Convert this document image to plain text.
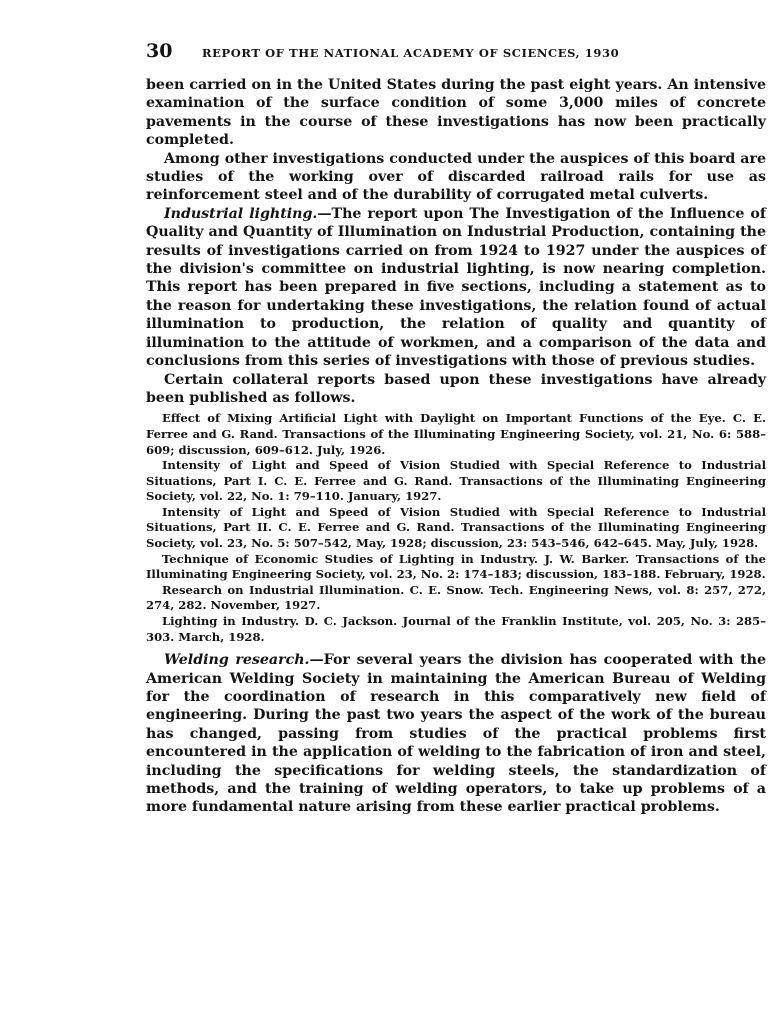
30	REPORT OF THE NATIONAL ACADEMY OF SCIENCES, 1930

been carried on in the United States during the past eight years. An intensive examination of the surface condition of some 3,000 miles of concrete pavements in the course of these investigations has now been practically completed.

Among other investigations conducted under the auspices of this board are studies of the working over of discarded railroad rails for use as reinforcement steel and of the durability of corrugated metal culverts.

Industrial lighting.—The report upon The Investigation of the Influence of Quality and Quantity of Illumination on Industrial Production, containing the results of investigations carried on from 1924 to 1927 under the auspices of the division's committee on industrial lighting, is now nearing completion. This report has been prepared in five sections, including a statement as to the reason for undertaking these investigations, the relation found of actual illumination to production, the relation of quality and quantity of illumination to the attitude of workmen, and a comparison of the data and conclusions from this series of investigations with those of previous studies.

Certain collateral reports based upon these investigations have already been published as follows.

Effect of Mixing Artificial Light with Daylight on Important Functions of the Eye. C. E. Ferree and G. Rand. Transactions of the Illuminating Engineering Society, vol. 21, No. 6: 588–609; discussion, 609–612. July, 1926.

Intensity of Light and Speed of Vision Studied with Special Reference to Industrial Situations, Part I. C. E. Ferree and G. Rand. Transactions of the Illuminating Engineering Society, vol. 22, No. 1: 79–110. January, 1927.

Intensity of Light and Speed of Vision Studied with Special Reference to Industrial Situations, Part II. C. E. Ferree and G. Rand. Transactions of the Illuminating Engineering Society, vol. 23, No. 5: 507–542, May, 1928; discussion, 23: 543–546, 642–645. May, July, 1928.

Technique of Economic Studies of Lighting in Industry. J. W. Barker. Transactions of the Illuminating Engineering Society, vol. 23, No. 2: 174–183; discussion, 183–188. February, 1928.

Research on Industrial Illumination. C. E. Snow. Tech. Engineering News, vol. 8: 257, 272, 274, 282. November, 1927.

Lighting in Industry. D. C. Jackson. Journal of the Franklin Institute, vol. 205, No. 3: 285–303. March, 1928.

Welding research.—For several years the division has cooperated with the American Welding Society in maintaining the American Bureau of Welding for the coordination of research in this comparatively new field of engineering. During the past two years the aspect of the work of the bureau has changed, passing from studies of the practical problems first encountered in the application of welding to the fabrication of iron and steel, including the specifications for welding steels, the standardization of methods, and the training of welding operators, to take up problems of a more fundamental nature arising from these earlier practical problems.
